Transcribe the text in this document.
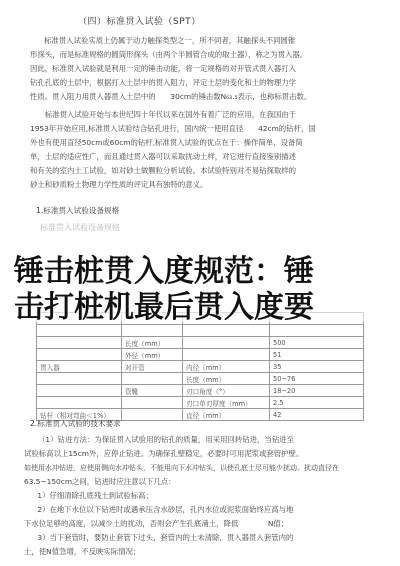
（四）标准贯入试验（SPT）
标准贯入试验实质上仍属于动力触探类型之一，所不同者，其触探头不同圆锥
形探头，而是标准规格的圆筒形探头（由两个半圆管合成的取土器），称之为贯入器。
因此，标准贯入试验就是利用一定的锤击动能，将一定规格的对开管式贯入器打入
钻孔孔底的土层中，根据打入土层中的贯入阻力，评定土层的变化和土的物理力学
性质。贯入阻力用贯入器贯入土层中的　　30cm的锤击数N₆₃.₅表示，也称标贯击数。
　　标准贯入试验开始与本世纪四十年代以来在国外有着广泛的应用，在我国由于
1953年开始应用,标准贯入试验结合钻孔进行，国内统一使用直径　　42cm的钻杆，国
外也有使用直径50cm或60cm的钻杆,标准贯入试验的优点在于：操作简单，设备简
单，土层的适应性广，而且通过贯入器可以采取扰动土样，对它进行直接鉴别描述
和有关的室内土工试验，如对砂土做颗粒分析试验。本试验特别对不易钻探取样的
砂土和砂质粉土物理力学性质的评定具有独特的意义。
1.标准贯入试验设备规格
标准贯入试验设备规格

	长度（mm）		500
	外径（mm）		51
贯入器	对开管	内径（mm）	35
		长度（mm）	50~76
	管靴	刃口角度（°）	18~20
		刃口单刃厚度（mm）	2.5
钻杆（相对弯曲＜1%）		直径（mm）	42
锤击桩贯入度规范：锤
击打桩机最后贯入度要
2.标准贯入试验的技术要求
（1）钻进方法：为保证贯入试验用的钻孔的质量，用采用回转钻进，当钻进至
试验标高以上15cm外，应停止钻进。为确保孔壁稳定，必要时可用泥浆或套管护壁。
如使用水冲钻进，应使用侧向水冲钻头，不能用向下水冲钻头，以使孔底土尽可能少扰动。扰动直径在
63.5~150cm之间，钻进时应注意以下几点：
　1）仔细清除孔底残土到试验标高；
　2）在地下水位以下钻进时或遇承压含水砂层，孔内水位或泥浆面始终应高与地
下水位足够的高度，以减少土的扰动，否则会产生孔底涌土，降低　　　　N值；
　3）当下套管时，要防止套管下过头，套管内的土未清除，贯入器贯入套管内的
土，使N值急增，不反映实际情况；
